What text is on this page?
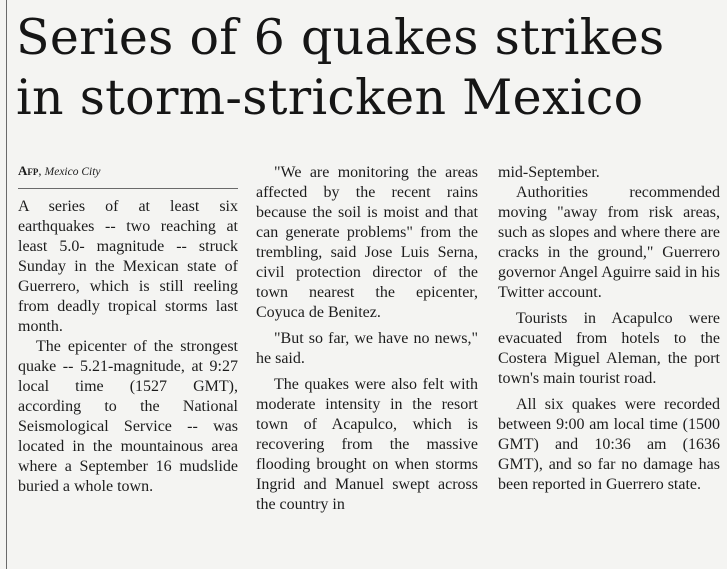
Series of 6 quakes strikes in storm-stricken Mexico
Afp, Mexico City

A series of at least six earthquakes -- two reaching at least 5.0- magnitude -- struck Sunday in the Mexican state of Guerrero, which is still reeling from deadly tropical storms last month.

The epicenter of the strongest quake -- 5.21-magnitude, at 9:27 local time (1527 GMT), according to the National Seismological Service -- was located in the mountainous area where a September 16 mudslide buried a whole town.

"We are monitoring the areas affected by the recent rains because the soil is moist and that can generate problems" from the trembling, said Jose Luis Serna, civil protection director of the town nearest the epicenter, Coyuca de Benitez.

"But so far, we have no news," he said.

The quakes were also felt with moderate intensity in the resort town of Acapulco, which is recovering from the massive flooding brought on when storms Ingrid and Manuel swept across the country in

mid-September.

Authorities recommended moving "away from risk areas, such as slopes and where there are cracks in the ground," Guerrero governor Angel Aguirre said in his Twitter account.

Tourists in Acapulco were evacuated from hotels to the Costera Miguel Aleman, the port town's main tourist road.

All six quakes were recorded between 9:00 am local time (1500 GMT) and 10:36 am (1636 GMT), and so far no damage has been reported in Guerrero state.
